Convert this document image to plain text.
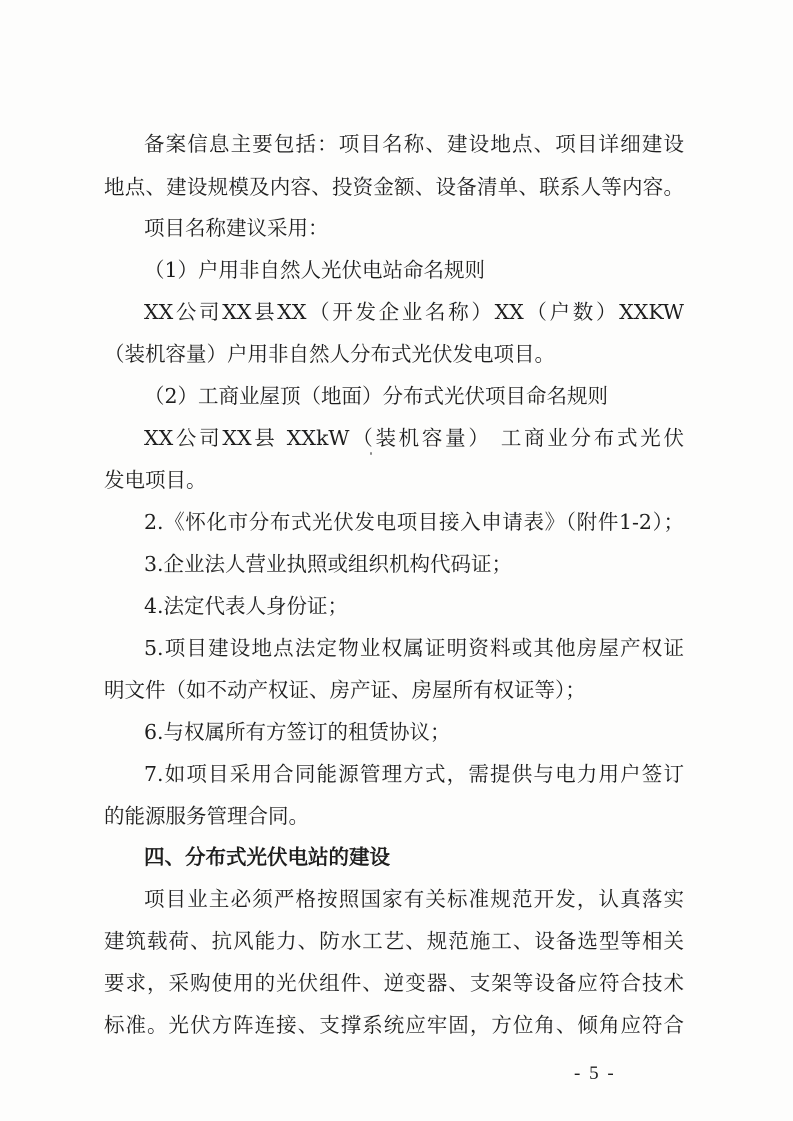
备案信息主要包括：项目名称、建设地点、项目详细建设
地点、建设规模及内容、投资金额、设备清单、联系人等内容。
项目名称建议采用：
（1）户用非自然人光伏电站命名规则
XX公司XX县XX（开发企业名称）XX（户数）XXKW
（装机容量）户用非自然人分布式光伏发电项目。
（2）工商业屋顶（地面）分布式光伏项目命名规则
XX公司XX县 XXkW（装机容量） 工商业分布式光伏
发电项目。
2.《怀化市分布式光伏发电项目接入申请表》（附件1-2）；
3.企业法人营业执照或组织机构代码证；
4.法定代表人身份证；
5.项目建设地点法定物业权属证明资料或其他房屋产权证
明文件（如不动产权证、房产证、房屋所有权证等）；
6.与权属所有方签订的租赁协议；
7.如项目采用合同能源管理方式，需提供与电力用户签订
的能源服务管理合同。
四、分布式光伏电站的建设
项目业主必须严格按照国家有关标准规范开发，认真落实
建筑载荷、抗风能力、防水工艺、规范施工、设备选型等相关
要求，采购使用的光伏组件、逆变器、支架等设备应符合技术
标准。光伏方阵连接、支撑系统应牢固，方位角、倾角应符合
- 5 -
